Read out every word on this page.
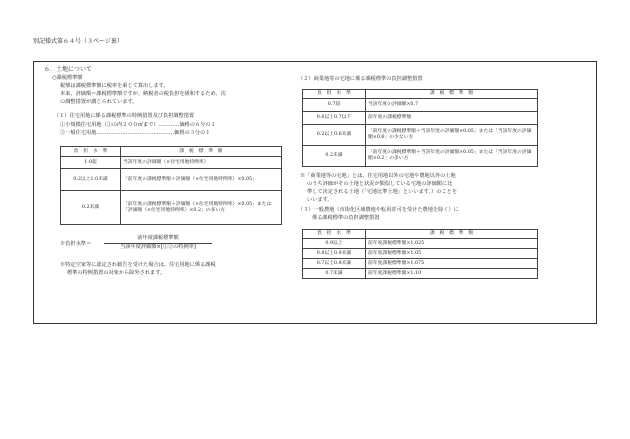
別記様式第６４号（３ページ裏）
６．土地について
○課税標準額
税額は課税標準額に税率を乗じて算出します。
本来、評価額＝課税標準額ですが、納税者の税負担を緩和するため、次
の調整措置が講じられています。
（１）住宅用地に係る課税標準の特例措置及び負担調整措置
①小規模住宅用地（①の内２００㎡まで）…………価格の６分の１
②一般住宅用地………………………………………価格の３分の１
負　担　水　準	課　税　標　準　額
1.0超	当該年度の評価額（×住宅用地特例率）
0.2以上1.0未満	「前年度の課税標準額＋評価額（×住宅用地特例率）×0.05」
0.2未満	「前年度の課税標準額＋評価額（×住宅用地特例率）×0.05」または「評価額（×住宅用地特例率）×0.2」の多い方
※負担水準＝
前年度課税標準額
当該年度評価額×[①②の特例率]
※特定空家等に認定され勧告を受けた場合は、住宅用地に係る課税
標準の特例措置の対象から除外されます。
（２）商業地等の宅地に係る課税標準の負担調整措置
負　担　水　準	課　税　標　準　額
0.7超	当該年度の評価額×0.7
0.6以上0.7以下	前年度の課税標準額
0.2以上0.6未満	「前年度の課税標準額＋当該年度の評価額×0.05」または「当該年度の評価額×0.6」の少ない方
0.2未満	「前年度の課税標準額＋当該年度の評価額×0.05」または「当該年度の評価額×0.2」の多い方
※「商業地等の宅地」とは、住宅用地以外の宅地や農地以外の土地
のうち評価がその土地と状況が類似している宅地の評価額に比
準して決定される土地（「宅地比準土地」といいます。）のことを
いいます。
（３）一般農地（市街化区域農地や転用許可を受けた農地を除く）に
係る課税標準の負担調整措置
負　担　水　準	課　税　標　準　額
0.9以上	前年度課税標準額×1.025
0.8以上0.9未満	前年度課税標準額×1.05
0.7以上0.8未満	前年度課税標準額×1.075
0.7未満	前年度課税標準額×1.10
